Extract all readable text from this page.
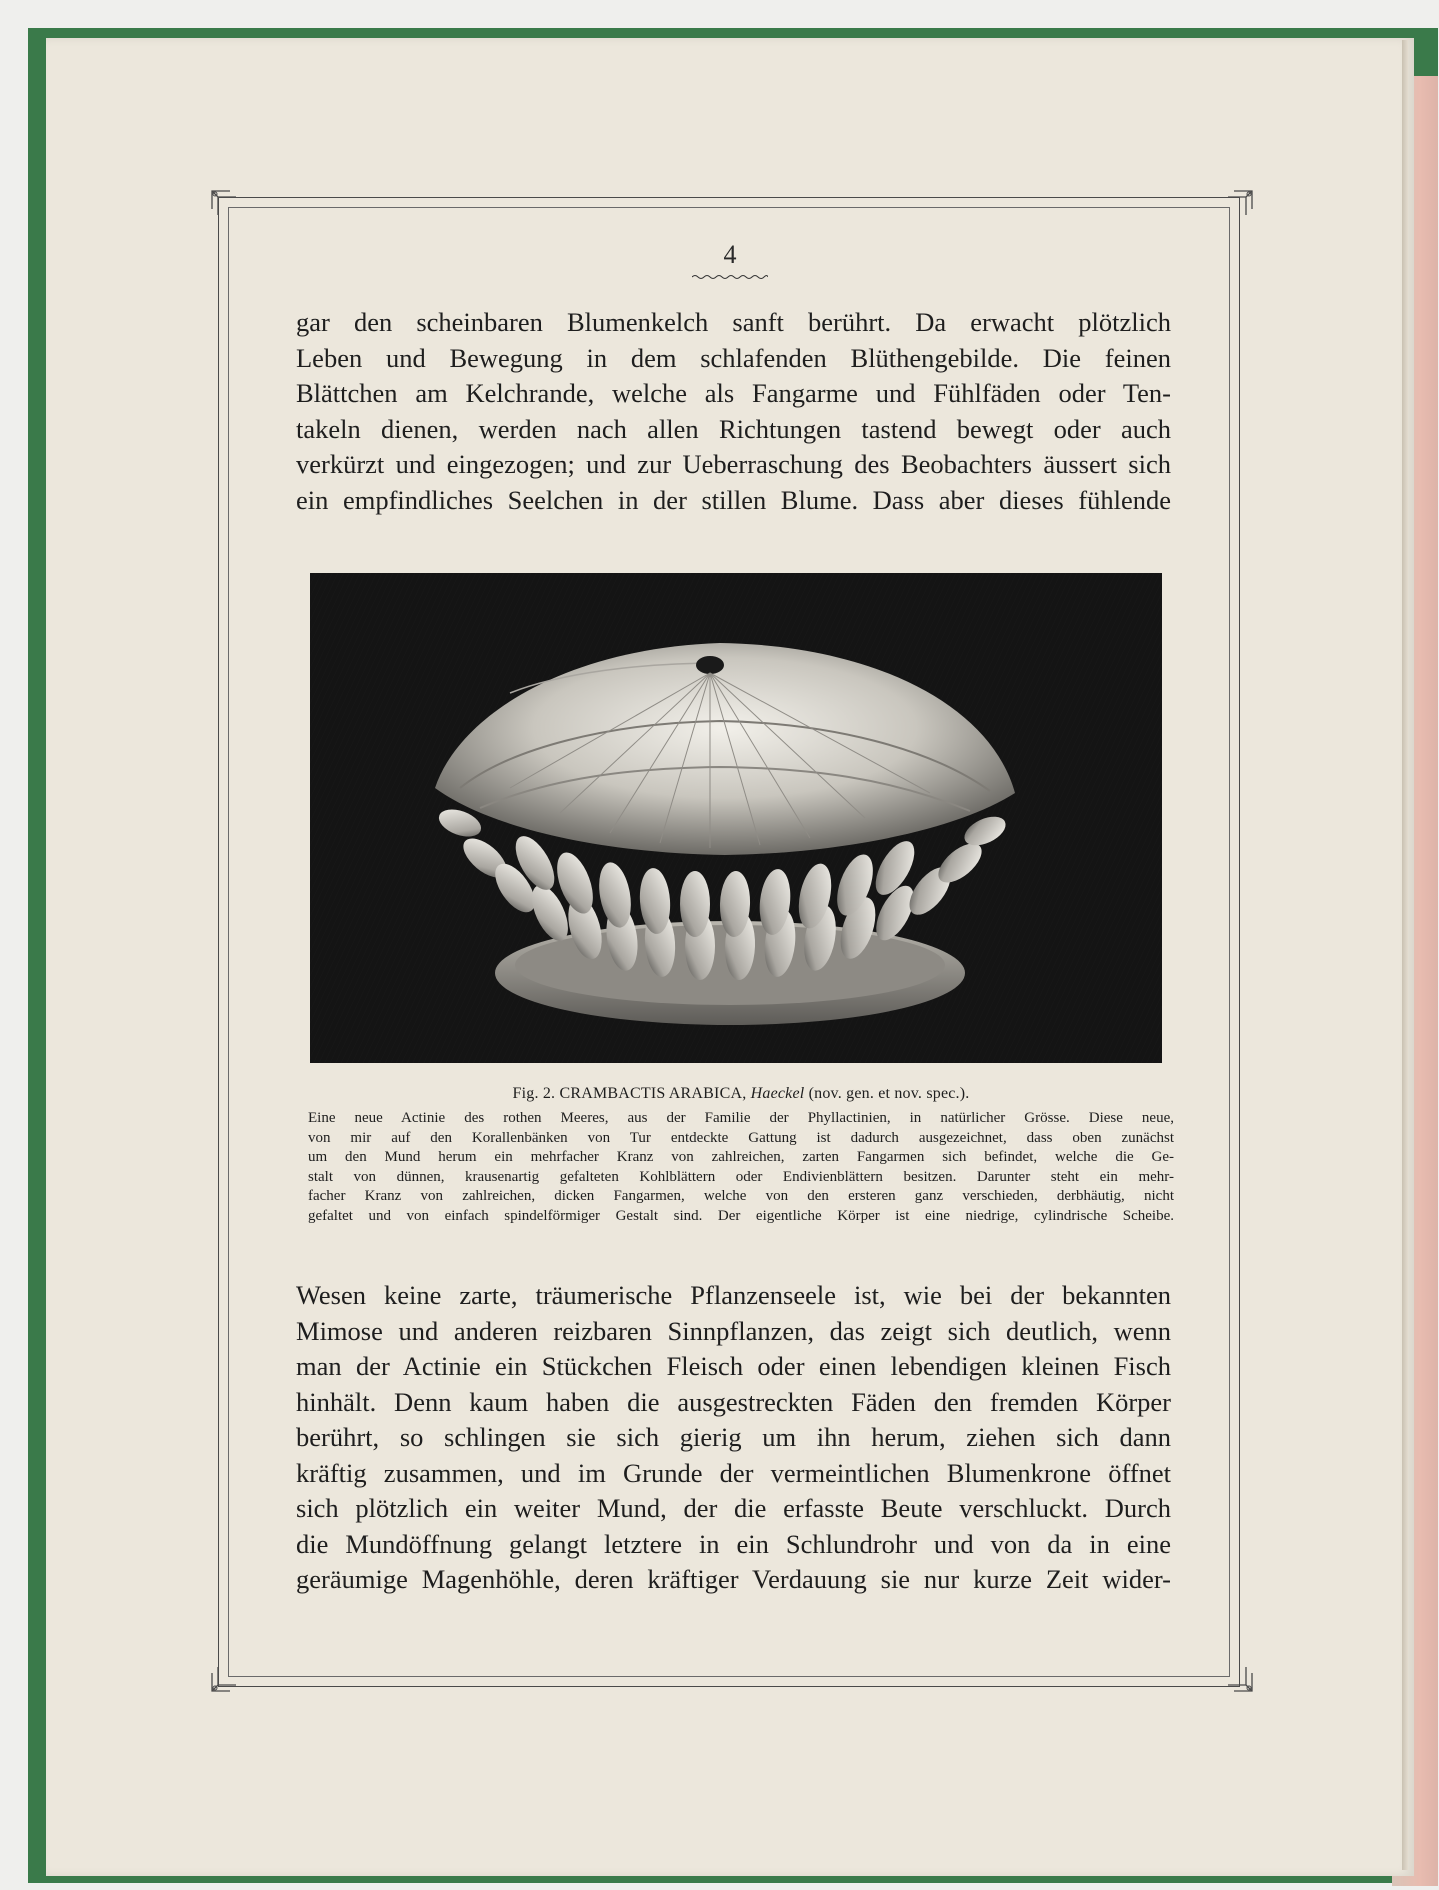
4
gar den scheinbaren Blumenkelch sanft berührt. Da erwacht plötzlich
Leben und Bewegung in dem schlafenden Blüthengebilde. Die feinen
Blättchen am Kelchrande, welche als Fangarme und Fühlfäden oder Ten-
takeln dienen, werden nach allen Richtungen tastend bewegt oder auch
verkürzt und eingezogen; und zur Ueberraschung des Beobachters äussert sich
ein empfindliches Seelchen in der stillen Blume. Dass aber dieses fühlende
Fig. 2. CRAMBACTIS ARABICA, Haeckel (nov. gen. et nov. spec.).
Eine neue Actinie des rothen Meeres, aus der Familie der Phyllactinien, in natürlicher Grösse. Diese neue,
von mir auf den Korallenbänken von Tur entdeckte Gattung ist dadurch ausgezeichnet, dass oben zunächst
um den Mund herum ein mehrfacher Kranz von zahlreichen, zarten Fangarmen sich befindet, welche die Ge-
stalt von dünnen, krausenartig gefalteten Kohlblättern oder Endivienblättern besitzen. Darunter steht ein mehr-
facher Kranz von zahlreichen, dicken Fangarmen, welche von den ersteren ganz verschieden, derbhäutig, nicht
gefaltet und von einfach spindelförmiger Gestalt sind. Der eigentliche Körper ist eine niedrige, cylindrische Scheibe.
Wesen keine zarte, träumerische Pflanzenseele ist, wie bei der bekannten
Mimose und anderen reizbaren Sinnpflanzen, das zeigt sich deutlich, wenn
man der Actinie ein Stückchen Fleisch oder einen lebendigen kleinen Fisch
hinhält. Denn kaum haben die ausgestreckten Fäden den fremden Körper
berührt, so schlingen sie sich gierig um ihn herum, ziehen sich dann
kräftig zusammen, und im Grunde der vermeintlichen Blumenkrone öffnet
sich plötzlich ein weiter Mund, der die erfasste Beute verschluckt. Durch
die Mundöffnung gelangt letztere in ein Schlundrohr und von da in eine
geräumige Magenhöhle, deren kräftiger Verdauung sie nur kurze Zeit wider-
